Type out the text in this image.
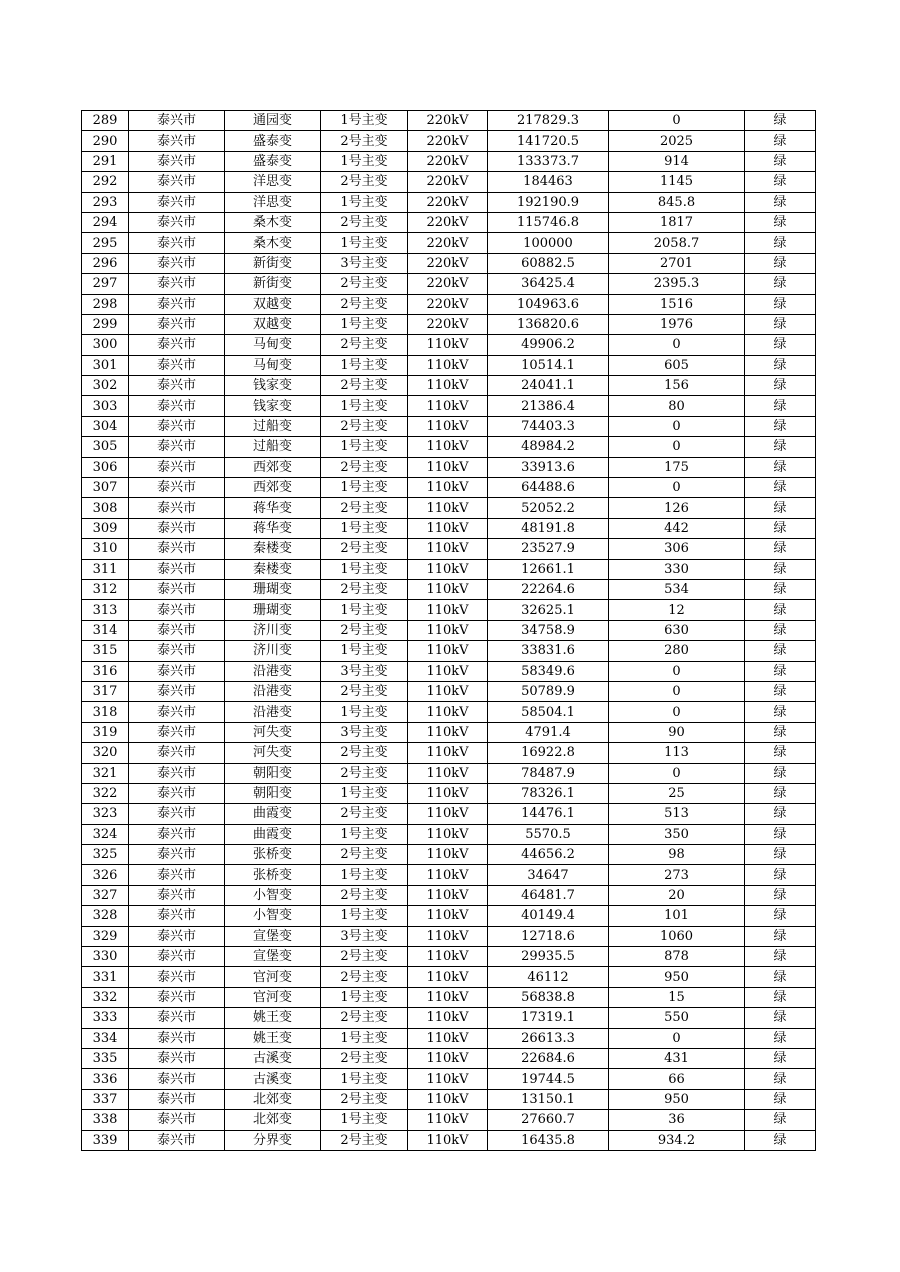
289	泰兴市	通园变	1号主变	220kV	217829.3	0	绿
290	泰兴市	盛泰变	2号主变	220kV	141720.5	2025	绿
291	泰兴市	盛泰变	1号主变	220kV	133373.7	914	绿
292	泰兴市	洋思变	2号主变	220kV	184463	1145	绿
293	泰兴市	洋思变	1号主变	220kV	192190.9	845.8	绿
294	泰兴市	桑木变	2号主变	220kV	115746.8	1817	绿
295	泰兴市	桑木变	1号主变	220kV	100000	2058.7	绿
296	泰兴市	新街变	3号主变	220kV	60882.5	2701	绿
297	泰兴市	新街变	2号主变	220kV	36425.4	2395.3	绿
298	泰兴市	双越变	2号主变	220kV	104963.6	1516	绿
299	泰兴市	双越变	1号主变	220kV	136820.6	1976	绿
300	泰兴市	马甸变	2号主变	110kV	49906.2	0	绿
301	泰兴市	马甸变	1号主变	110kV	10514.1	605	绿
302	泰兴市	钱家变	2号主变	110kV	24041.1	156	绿
303	泰兴市	钱家变	1号主变	110kV	21386.4	80	绿
304	泰兴市	过船变	2号主变	110kV	74403.3	0	绿
305	泰兴市	过船变	1号主变	110kV	48984.2	0	绿
306	泰兴市	西郊变	2号主变	110kV	33913.6	175	绿
307	泰兴市	西郊变	1号主变	110kV	64488.6	0	绿
308	泰兴市	蒋华变	2号主变	110kV	52052.2	126	绿
309	泰兴市	蒋华变	1号主变	110kV	48191.8	442	绿
310	泰兴市	秦楼变	2号主变	110kV	23527.9	306	绿
311	泰兴市	秦楼变	1号主变	110kV	12661.1	330	绿
312	泰兴市	珊瑚变	2号主变	110kV	22264.6	534	绿
313	泰兴市	珊瑚变	1号主变	110kV	32625.1	12	绿
314	泰兴市	济川变	2号主变	110kV	34758.9	630	绿
315	泰兴市	济川变	1号主变	110kV	33831.6	280	绿
316	泰兴市	沿港变	3号主变	110kV	58349.6	0	绿
317	泰兴市	沿港变	2号主变	110kV	50789.9	0	绿
318	泰兴市	沿港变	1号主变	110kV	58504.1	0	绿
319	泰兴市	河失变	3号主变	110kV	4791.4	90	绿
320	泰兴市	河失变	2号主变	110kV	16922.8	113	绿
321	泰兴市	朝阳变	2号主变	110kV	78487.9	0	绿
322	泰兴市	朝阳变	1号主变	110kV	78326.1	25	绿
323	泰兴市	曲霞变	2号主变	110kV	14476.1	513	绿
324	泰兴市	曲霞变	1号主变	110kV	5570.5	350	绿
325	泰兴市	张桥变	2号主变	110kV	44656.2	98	绿
326	泰兴市	张桥变	1号主变	110kV	34647	273	绿
327	泰兴市	小智变	2号主变	110kV	46481.7	20	绿
328	泰兴市	小智变	1号主变	110kV	40149.4	101	绿
329	泰兴市	宣堡变	3号主变	110kV	12718.6	1060	绿
330	泰兴市	宣堡变	2号主变	110kV	29935.5	878	绿
331	泰兴市	官河变	2号主变	110kV	46112	950	绿
332	泰兴市	官河变	1号主变	110kV	56838.8	15	绿
333	泰兴市	姚王变	2号主变	110kV	17319.1	550	绿
334	泰兴市	姚王变	1号主变	110kV	26613.3	0	绿
335	泰兴市	古溪变	2号主变	110kV	22684.6	431	绿
336	泰兴市	古溪变	1号主变	110kV	19744.5	66	绿
337	泰兴市	北郊变	2号主变	110kV	13150.1	950	绿
338	泰兴市	北郊变	1号主变	110kV	27660.7	36	绿
339	泰兴市	分界变	2号主变	110kV	16435.8	934.2	绿
